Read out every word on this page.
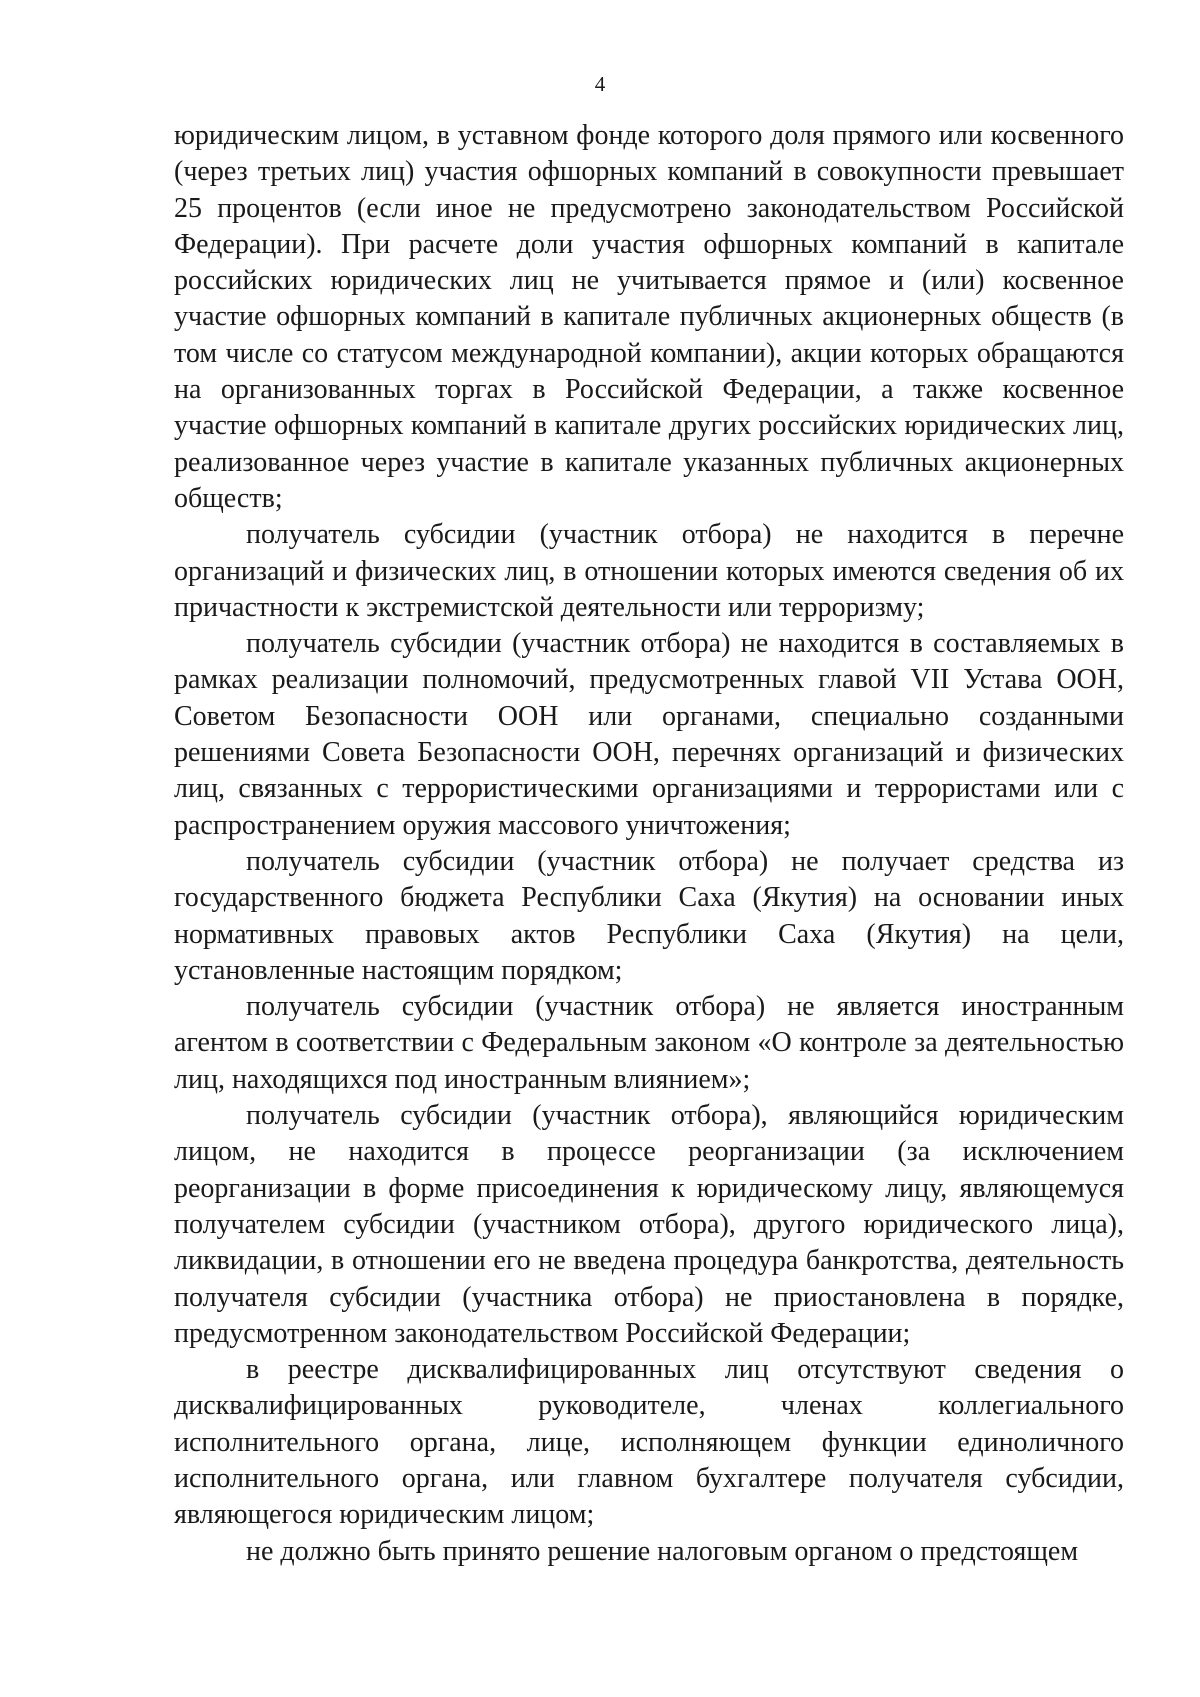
4

юридическим лицом, в уставном фонде которого доля прямого или косвенного (через третьих лиц) участия офшорных компаний в совокупности превышает 25 процентов (если иное не предусмотрено законодательством Российской Федерации). При расчете доли участия офшорных компаний в капитале российских юридических лиц не учитывается прямое и (или) косвенное участие офшорных компаний в капитале публичных акционерных обществ (в том числе со статусом международной компании), акции которых обращаются на организованных торгах в Российской Федерации, а также косвенное участие офшорных компаний в капитале других российских юридических лиц, реализованное через участие в капитале указанных публичных акционерных обществ;

получатель субсидии (участник отбора) не находится в перечне организаций и физических лиц, в отношении которых имеются сведения об их причастности к экстремистской деятельности или терроризму;

получатель субсидии (участник отбора) не находится в составляемых в рамках реализации полномочий, предусмотренных главой VII Устава ООН, Советом Безопасности ООН или органами, специально созданными решениями Совета Безопасности ООН, перечнях организаций и физических лиц, связанных с террористическими организациями и террористами или с распространением оружия массового уничтожения;

получатель субсидии (участник отбора) не получает средства из государственного бюджета Республики Саха (Якутия) на основании иных нормативных правовых актов Республики Саха (Якутия) на цели, установленные настоящим порядком;

получатель субсидии (участник отбора) не является иностранным агентом в соответствии с Федеральным законом «О контроле за деятельностью лиц, находящихся под иностранным влиянием»;

получатель субсидии (участник отбора), являющийся юридическим лицом, не находится в процессе реорганизации (за исключением реорганизации в форме присоединения к юридическому лицу, являющемуся получателем субсидии (участником отбора), другого юридического лица), ликвидации, в отношении его не введена процедура банкротства, деятельность получателя субсидии (участника отбора) не приостановлена в порядке, предусмотренном законодательством Российской Федерации;

в реестре дисквалифицированных лиц отсутствуют сведения о дисквалифицированных руководителе, членах коллегиального исполнительного органа, лице, исполняющем функции единоличного исполнительного органа, или главном бухгалтере получателя субсидии, являющегося юридическим лицом;

не должно быть принято решение налоговым органом о предстоящем
